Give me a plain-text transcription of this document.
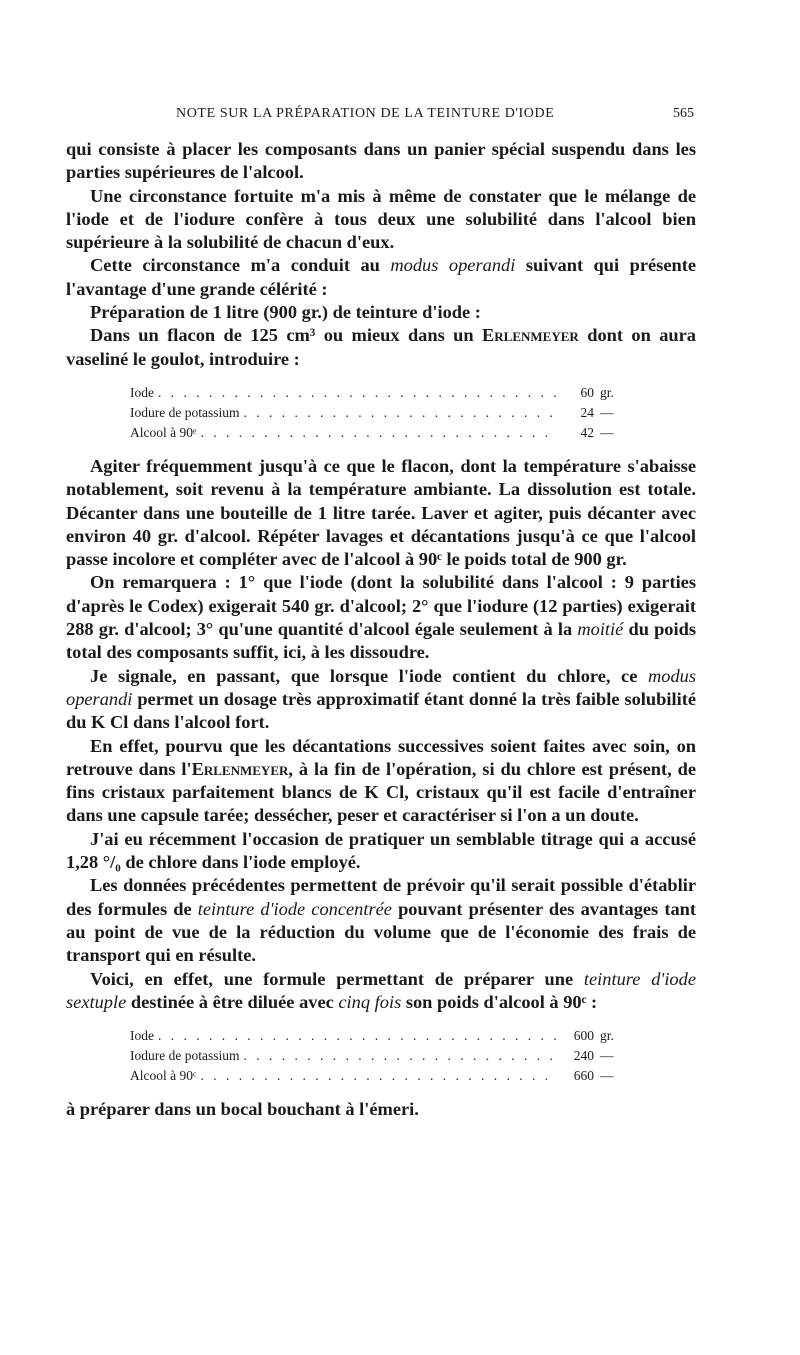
NOTE SUR LA PRÉPARATION DE LA TEINTURE D'IODE	565

qui consiste à placer les composants dans un panier spécial suspendu dans les parties supérieures de l'alcool.

Une circonstance fortuite m'a mis à même de constater que le mélange de l'iode et de l'iodure confère à tous deux une solubilité dans l'alcool bien supérieure à la solubilité de chacun d'eux.

Cette circonstance m'a conduit au modus operandi suivant qui présente l'avantage d'une grande célérité :

Préparation de 1 litre (900 gr.) de teinture d'iode :

Dans un flacon de 125 cm³ ou mieux dans un Erlenmeyer dont on aura vaseliné le goulot, introduire :

Iode . . .	60 gr.
Iodure de potassium . . .	24 —
Alcool à 90ᵉ . . .	42 —

Agiter fréquemment jusqu'à ce que le flacon, dont la température s'abaisse notablement, soit revenu à la température ambiante. La dissolution est totale. Décanter dans une bouteille de 1 litre tarée. Laver et agiter, puis décanter avec environ 40 gr. d'alcool. Répéter lavages et décantations jusqu'à ce que l'alcool passe incolore et compléter avec de l'alcool à 90ᶜ le poids total de 900 gr.

On remarquera : 1° que l'iode (dont la solubilité dans l'alcool : 9 parties d'après le Codex) exigerait 540 gr. d'alcool; 2° que l'iodure (12 parties) exigerait 288 gr. d'alcool; 3° qu'une quantité d'alcool égale seulement à la moitié du poids total des composants suffit, ici, à les dissoudre.

Je signale, en passant, que lorsque l'iode contient du chlore, ce modus operandi permet un dosage très approximatif étant donné la très faible solubilité du K Cl dans l'alcool fort.

En effet, pourvu que les décantations successives soient faites avec soin, on retrouve dans l'Erlenmeyer, à la fin de l'opération, si du chlore est présent, de fins cristaux parfaitement blancs de K Cl, cristaux qu'il est facile d'entraîner dans une capsule tarée; dessécher, peser et caractériser si l'on a un doute.

J'ai eu récemment l'occasion de pratiquer un semblable titrage qui a accusé 1,28 °/₀ de chlore dans l'iode employé.

Les données précédentes permettent de prévoir qu'il serait possible d'établir des formules de teinture d'iode concentrée pouvant présenter des avantages tant au point de vue de la réduction du volume que de l'économie des frais de transport qui en résulte.

Voici, en effet, une formule permettant de préparer une teinture d'iode sextuple destinée à être diluée avec cinq fois son poids d'alcool à 90ᶜ :

Iode . . .	600 gr.
Iodure de potassium . . .	240 —
Alcool à 90ᶜ . . .	660 —

à préparer dans un bocal bouchant à l'émeri.
